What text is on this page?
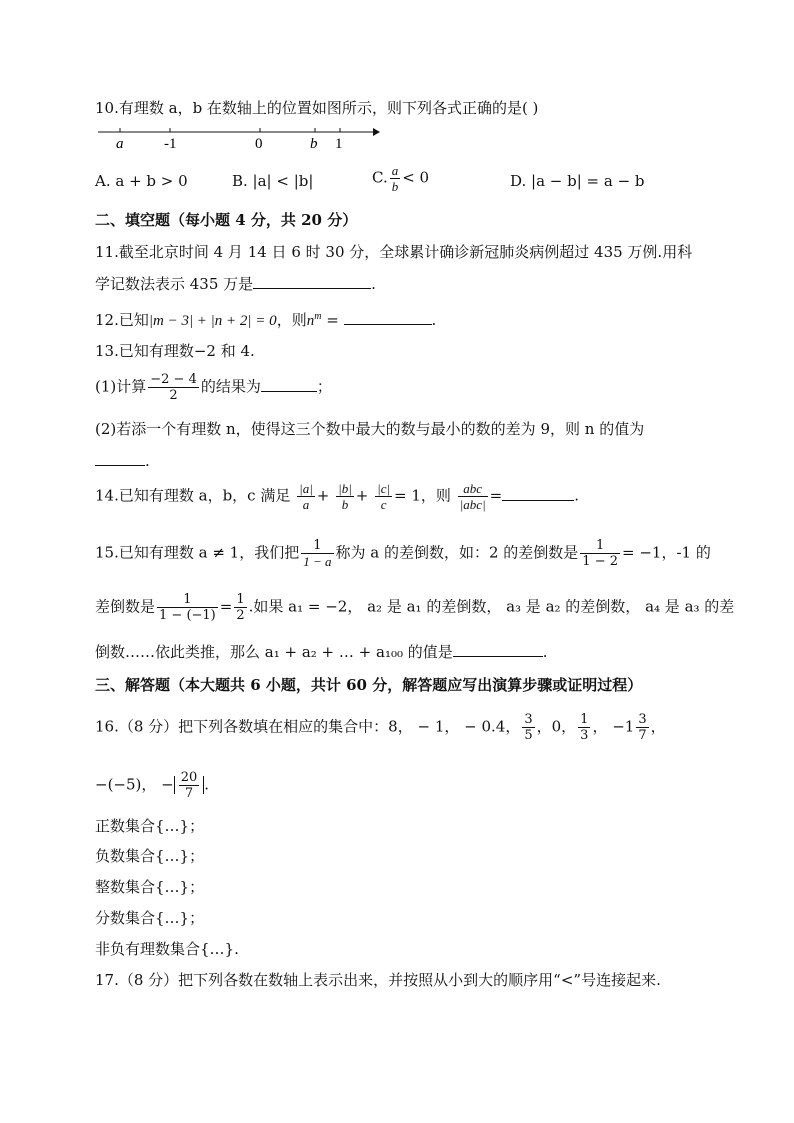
10.有理数 a，b 在数轴上的位置如图所示，则下列各式正确的是( )
a	-1	0	b 1
A. a + b > 0	B. |a| < |b|	C. $\frac{a}{b} < 0$	D. |a − b| = a − b
二、填空题（每小题 4 分，共 20 分）
11.截至北京时间 4 月 14 日 6 时 30 分，全球累计确诊新冠肺炎病例超过 435 万例.用科
学记数法表示 435 万是	.
12.已知|m − 3| + |n + 2| = 0，则$n^m$ =	.
13.已知有理数−2 和 4.
(1)计算 $\frac{-2 - 4}{2}$ 的结果为	；
(2)若添一个有理数 n，使得这三个数中最大的数与最小的数的差为 9，则 n 的值为
.
14.已知有理数 a，b，c 满足 $\frac{|a|}{a} + \frac{|b|}{b} + \frac{|c|}{c} = 1$，则 $\frac{\text{abc}}{\text{|abc|}}$ =	.
15.已知有理数 a ≠ 1，我们把 $\frac{1}{1 - a}$ 称为 a 的差倒数，如：2 的差倒数是 $\frac{1}{1 - 2} = -1$，-1 的
差倒数是 $\frac{1}{1 - (-1)} = \frac{1}{2}$ .如果 a₁ = −2， a₂ 是 a₁ 的差倒数， a₃ 是 a₂ 的差倒数， a₄ 是 a₃ 的差
倒数……依此类推，那么 a₁ + a₂ + … + a₁₀₀ 的值是	.
三、解答题（本大题共 6 小题，共计 60 分，解答题应写出演算步骤或证明过程）
16.（8 分）把下列各数填在相应的集合中：8， − 1， − 0.4， $\frac{3}{5}$ ，0， $\frac{1}{3}$ ， $-1 \frac{3}{7}$ ，
−(−5)， − $\frac{20}{7}$ .
正数集合{…}；
负数集合{…}；
整数集合{…}；
分数集合{…}；
非负有理数集合{…}.
17.（8 分）把下列各数在数轴上表示出来，并按照从小到大的顺序用“<”号连接起来.
